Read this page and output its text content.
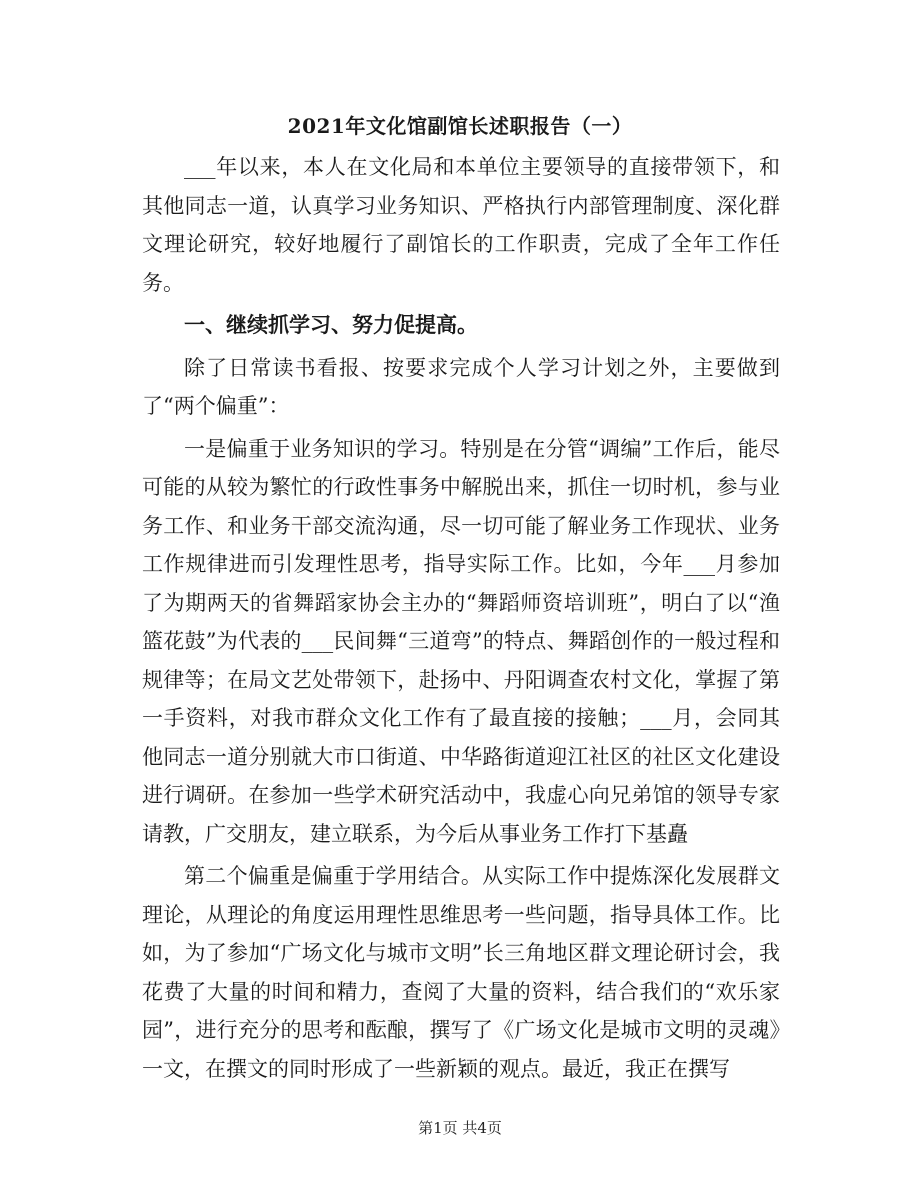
2021年文化馆副馆长述职报告（一）

___年以来，本人在文化局和本单位主要领导的直接带领下，和其他同志一道，认真学习业务知识、严格执行内部管理制度、深化群文理论研究，较好地履行了副馆长的工作职责，完成了全年工作任务。

一、继续抓学习、努力促提高。

除了日常读书看报、按要求完成个人学习计划之外，主要做到了“两个偏重”：

一是偏重于业务知识的学习。特别是在分管“调编”工作后，能尽可能的从较为繁忙的行政性事务中解脱出来，抓住一切时机，参与业务工作、和业务干部交流沟通，尽一切可能了解业务工作现状、业务工作规律进而引发理性思考，指导实际工作。比如，今年___月参加了为期两天的省舞蹈家协会主办的“舞蹈师资培训班”，明白了以“渔篮花鼓”为代表的___民间舞“三道弯”的特点、舞蹈创作的一般过程和规律等；在局文艺处带领下，赴扬中、丹阳调查农村文化，掌握了第一手资料，对我市群众文化工作有了最直接的接触；___月，会同其他同志一道分别就大市口街道、中华路街道迎江社区的社区文化建设进行调研。在参加一些学术研究活动中，我虚心向兄弟馆的领导专家请教，广交朋友，建立联系，为今后从事业务工作打下基矗

第二个偏重是偏重于学用结合。从实际工作中提炼深化发展群文理论，从理论的角度运用理性思维思考一些问题，指导具体工作。比如，为了参加“广场文化与城市文明”长三角地区群文理论研讨会，我花费了大量的时间和精力，查阅了大量的资料，结合我们的“欢乐家园”，进行充分的思考和酝酿，撰写了《广场文化是城市文明的灵魂》一文，在撰文的同时形成了一些新颖的观点。最近，我正在撰写

第1页 共4页
